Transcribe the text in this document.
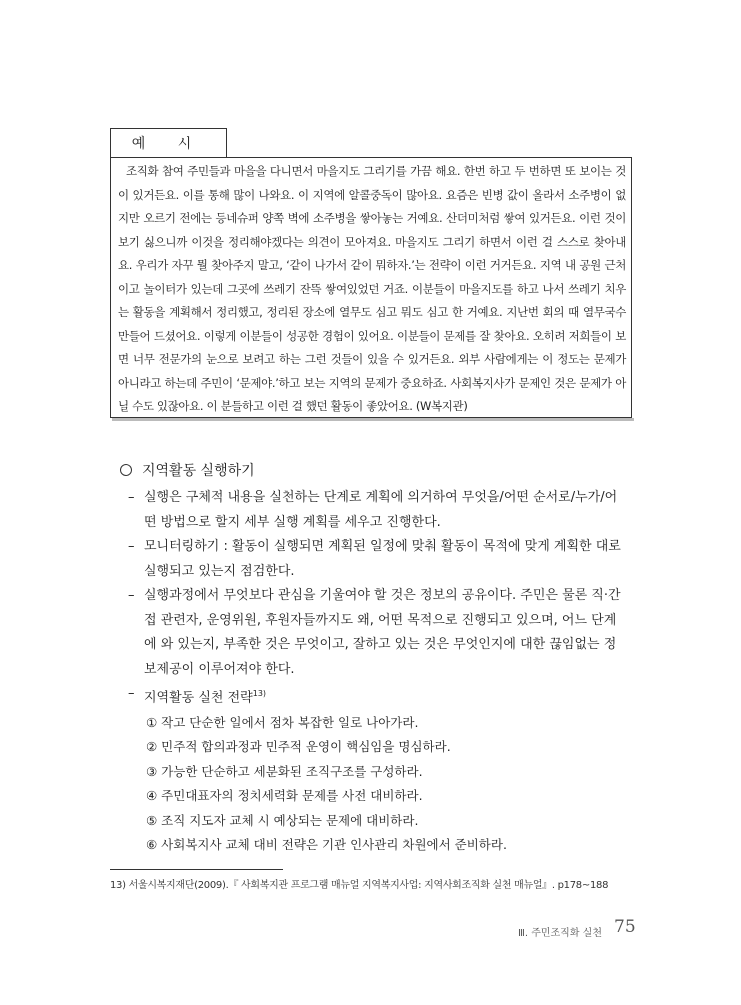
예 시

조직화 참여 주민들과 마을을 다니면서 마을지도 그리기를 가끔 해요. 한번 하고 두 번하면 또 보이는 것이 있거든요. 이를 통해 많이 나와요. 이 지역에 알콜중독이 많아요. 요즘은 빈병 값이 올라서 소주병이 없지만 오르기 전에는 등네슈퍼 양쪽 벽에 소주병을 쌓아놓는 거예요. 산더미처럼 쌓여 있거든요. 이런 것이 보기 싫으니까 이것을 정리해야겠다는 의견이 모아져요. 마을지도 그리기 하면서 이런 걸 스스로 찾아내요. 우리가 자꾸 뭘 찾아주지 말고, ‘같이 나가서 같이 뭐하자.’는 전략이 이런 거거든요. 지역 내 공원 근처이고 놀이터가 있는데 그곳에 쓰레기 잔뜩 쌓여있었던 거죠. 이분들이 마을지도를 하고 나서 쓰레기 치우는 활동을 계획해서 정리했고, 정리된 장소에 열무도 심고 뭐도 심고 한 거예요. 지난번 회의 때 열무국수 만들어 드셨어요. 이렇게 이분들이 성공한 경험이 있어요. 이분들이 문제를 잘 찾아요. 오히려 저희들이 보면 너무 전문가의 눈으로 보려고 하는 그런 것들이 있을 수 있거든요. 외부 사람에게는 이 정도는 문제가 아니라고 하는데 주민이 ‘문제야.’하고 보는 지역의 문제가 중요하죠. 사회복지사가 문제인 것은 문제가 아닐 수도 있잖아요. 이 분들하고 이런 걸 했던 활동이 좋았어요. (W복지관)

지역활동 실행하기

– 실행은 구체적 내용을 실천하는 단계로 계획에 의거하여 무엇을/어떤 순서로/누가/어

떤 방법으로 할지 세부 실행 계획를 세우고 진행한다.

– 모니터링하기 : 활동이 실행되면 계획된 일정에 맞춰 활동이 목적에 맞게 계획한 대로

실행되고 있는지 점검한다.

– 실행과정에서 무엇보다 관심을 기울여야 할 것은 정보의 공유이다. 주민은 물론 직·간

접 관련자, 운영위원, 후원자들까지도 왜, 어떤 목적으로 진행되고 있으며, 어느 단계

에 와 있는지, 부족한 것은 무엇이고, 잘하고 있는 것은 무엇인지에 대한 끊임없는 정

보제공이 이루어져야 한다.

– 지역활동 실천 전략$^{13)}$

① 작고 단순한 일에서 점차 복잡한 일로 나아가라.

② 민주적 합의과정과 민주적 운영이 핵심임을 명심하라.

③ 가능한 단순하고 세분화된 조직구조를 구성하라.

④ 주민대표자의 정치세력화 문제를 사전 대비하라.

⑤ 조직 지도자 교체 시 예상되는 문제에 대비하라.

⑥ 사회복지사 교체 대비 전략은 기관 인사관리 차원에서 준비하라.

13) 서울시복지재단(2009).『 사회복지관 프로그램 매뉴얼 지역복지사업: 지역사회조직화 실천 매뉴얼』. p178~188
Ⅲ. 주민조직화 실천 75
